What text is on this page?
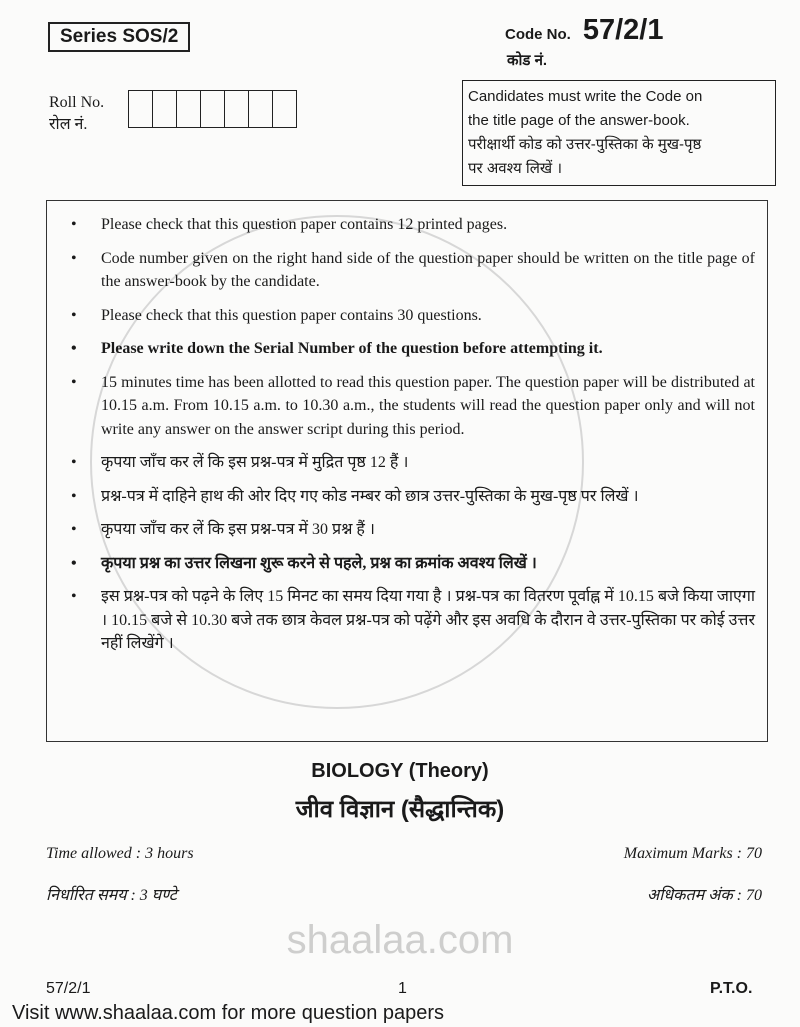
shaalaa.com
Series SOS/2	Code No. 57/2/1
कोड नं.
Roll No.
रोल नं.
Candidates must write the Code on
the title page of the answer-book.
परीक्षार्थी कोड को उत्तर-पुस्तिका के मुख-पृष्ठ
पर अवश्य लिखें ।
• Please check that this question paper contains 12 printed pages.
• Code number given on the right hand side of the question paper should be written on the title page of the answer-book by the candidate.
• Please check that this question paper contains 30 questions.
• Please write down the Serial Number of the question before attempting it.
• 15 minutes time has been allotted to read this question paper. The question paper will be distributed at 10.15 a.m. From 10.15 a.m. to 10.30 a.m., the students will read the question paper only and will not write any answer on the answer script during this period.
• कृपया जाँच कर लें कि इस प्रश्न-पत्र में मुद्रित पृष्ठ 12 हैं ।
• प्रश्न-पत्र में दाहिने हाथ की ओर दिए गए कोड नम्बर को छात्र उत्तर-पुस्तिका के मुख-पृष्ठ पर लिखें ।
• कृपया जाँच कर लें कि इस प्रश्न-पत्र में 30 प्रश्न हैं ।
• कृपया प्रश्न का उत्तर लिखना शुरू करने से पहले, प्रश्न का क्रमांक अवश्य लिखें ।
• इस प्रश्न-पत्र को पढ़ने के लिए 15 मिनट का समय दिया गया है । प्रश्न-पत्र का वितरण पूर्वाह्न में 10.15 बजे किया जाएगा । 10.15 बजे से 10.30 बजे तक छात्र केवल प्रश्न-पत्र को पढ़ेंगे और इस अवधि के दौरान वे उत्तर-पुस्तिका पर कोई उत्तर नहीं लिखेंगे ।
BIOLOGY (Theory)
जीव विज्ञान (सैद्धान्तिक)
Time allowed : 3 hours
निर्धारित समय : 3 घण्टे
Maximum Marks : 70
अधिकतम अंक : 70
57/2/1	1	P.T.O.
Visit www.shaalaa.com for more question papers
